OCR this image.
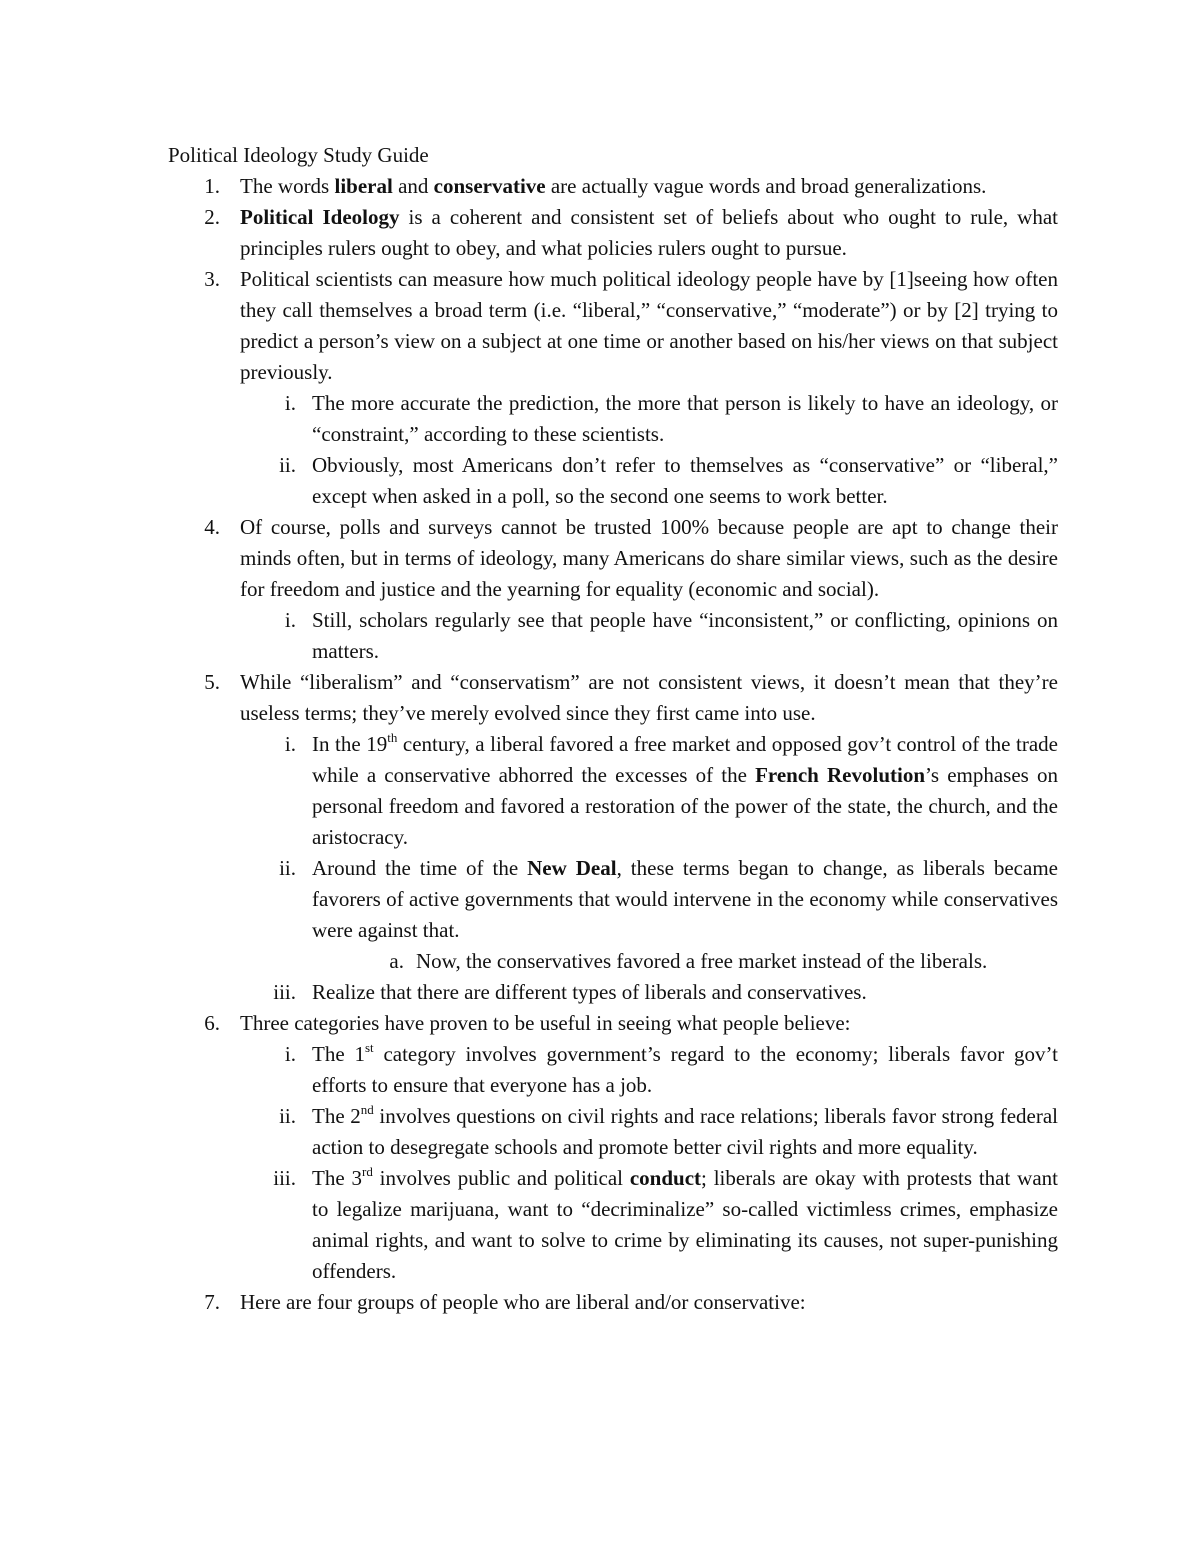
Political Ideology Study Guide
1. The words liberal and conservative are actually vague words and broad generalizations.
2. Political Ideology is a coherent and consistent set of beliefs about who ought to rule, what principles rulers ought to obey, and what policies rulers ought to pursue.
3. Political scientists can measure how much political ideology people have by [1]seeing how often they call themselves a broad term (i.e. “liberal,” “conservative,” “moderate”) or by [2] trying to predict a person’s view on a subject at one time or another based on his/her views on that subject previously.
i. The more accurate the prediction, the more that person is likely to have an ideology, or “constraint,” according to these scientists.
ii. Obviously, most Americans don’t refer to themselves as “conservative” or “liberal,” except when asked in a poll, so the second one seems to work better.
4. Of course, polls and surveys cannot be trusted 100% because people are apt to change their minds often, but in terms of ideology, many Americans do share similar views, such as the desire for freedom and justice and the yearning for equality (economic and social).
i. Still, scholars regularly see that people have “inconsistent,” or conflicting, opinions on matters.
5. While “liberalism” and “conservatism” are not consistent views, it doesn’t mean that they’re useless terms; they’ve merely evolved since they first came into use.
i. In the 19th century, a liberal favored a free market and opposed gov’t control of the trade while a conservative abhorred the excesses of the French Revolution’s emphases on personal freedom and favored a restoration of the power of the state, the church, and the aristocracy.
ii. Around the time of the New Deal, these terms began to change, as liberals became favorers of active governments that would intervene in the economy while conservatives were against that.
a. Now, the conservatives favored a free market instead of the liberals.
iii. Realize that there are different types of liberals and conservatives.
6. Three categories have proven to be useful in seeing what people believe:
i. The 1st category involves government’s regard to the economy; liberals favor gov’t efforts to ensure that everyone has a job.
ii. The 2nd involves questions on civil rights and race relations; liberals favor strong federal action to desegregate schools and promote better civil rights and more equality.
iii. The 3rd involves public and political conduct; liberals are okay with protests that want to legalize marijuana, want to “decriminalize” so-called victimless crimes, emphasize animal rights, and want to solve to crime by eliminating its causes, not super-punishing offenders.
7. Here are four groups of people who are liberal and/or conservative:
